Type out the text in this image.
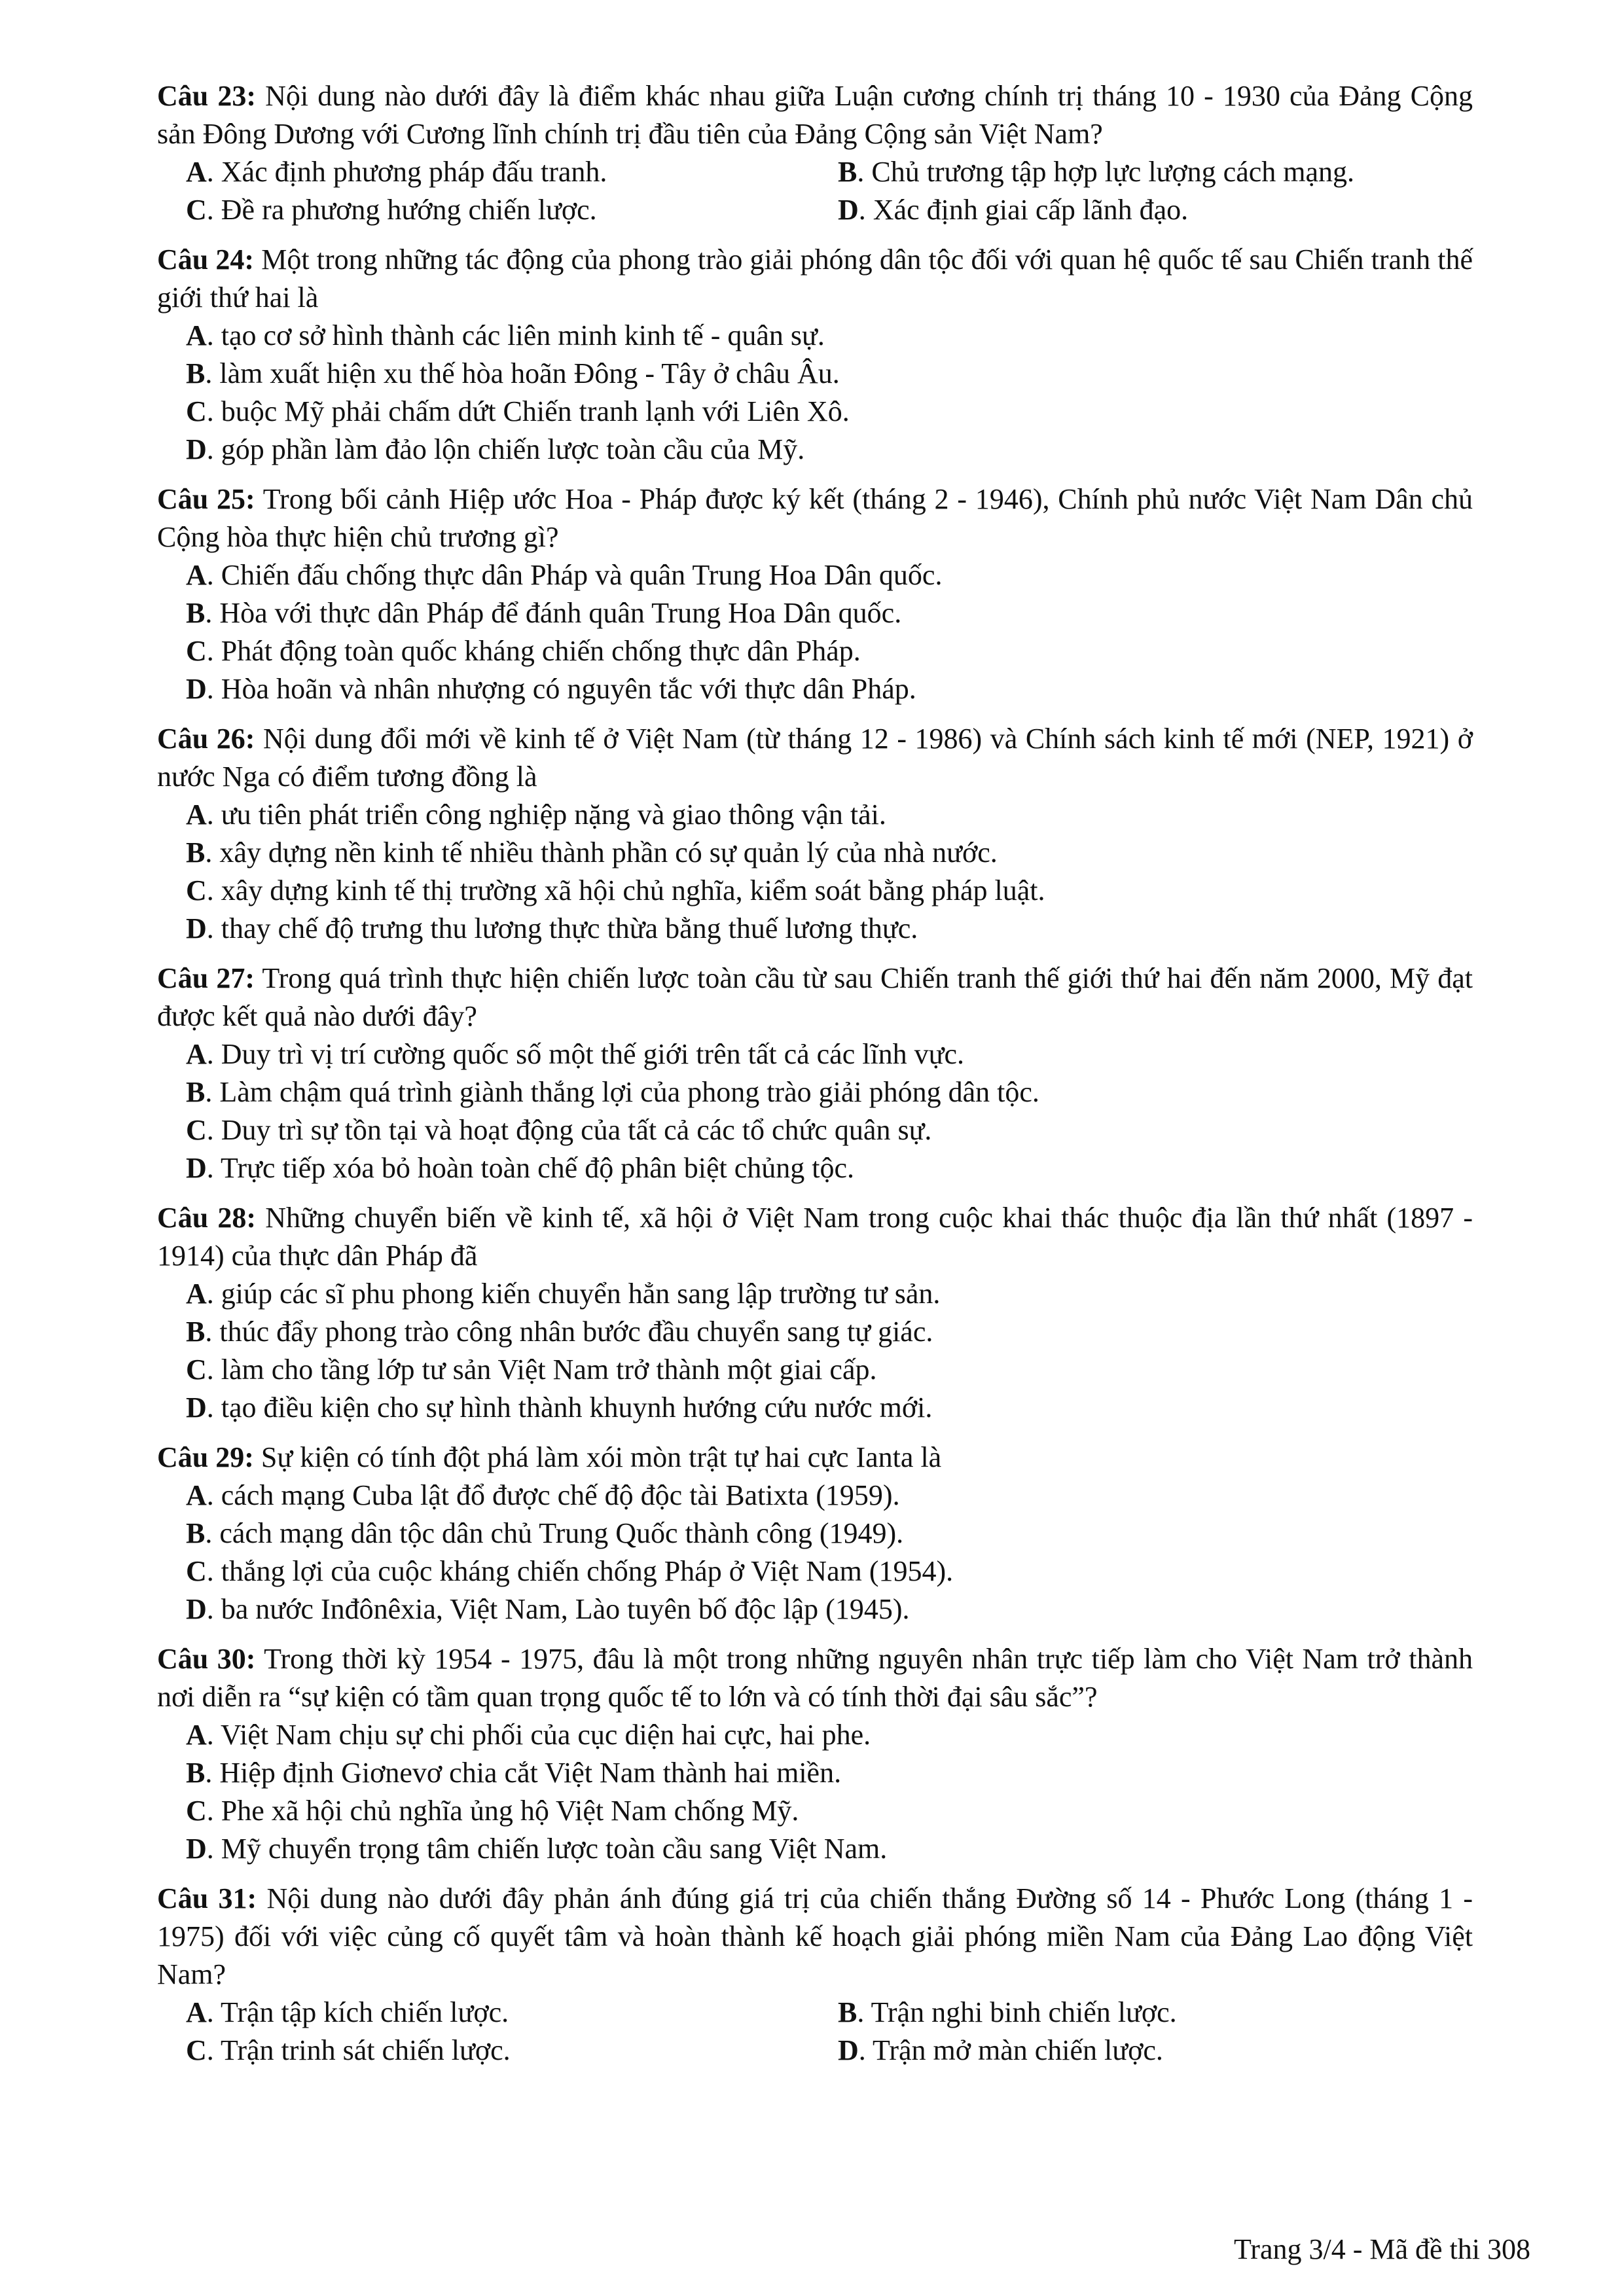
Câu 23: Nội dung nào dưới đây là điểm khác nhau giữa Luận cương chính trị tháng 10 - 1930 của Đảng Cộng sản Đông Dương với Cương lĩnh chính trị đầu tiên của Đảng Cộng sản Việt Nam?

A. Xác định phương pháp đấu tranh.	B. Chủ trương tập hợp lực lượng cách mạng.
C. Đề ra phương hướng chiến lược.	D. Xác định giai cấp lãnh đạo.

Câu 24: Một trong những tác động của phong trào giải phóng dân tộc đối với quan hệ quốc tế sau Chiến tranh thế giới thứ hai là

A. tạo cơ sở hình thành các liên minh kinh tế - quân sự.
B. làm xuất hiện xu thế hòa hoãn Đông - Tây ở châu Âu.
C. buộc Mỹ phải chấm dứt Chiến tranh lạnh với Liên Xô.
D. góp phần làm đảo lộn chiến lược toàn cầu của Mỹ.

Câu 25: Trong bối cảnh Hiệp ước Hoa - Pháp được ký kết (tháng 2 - 1946), Chính phủ nước Việt Nam Dân chủ Cộng hòa thực hiện chủ trương gì?

A. Chiến đấu chống thực dân Pháp và quân Trung Hoa Dân quốc.
B. Hòa với thực dân Pháp để đánh quân Trung Hoa Dân quốc.
C. Phát động toàn quốc kháng chiến chống thực dân Pháp.
D. Hòa hoãn và nhân nhượng có nguyên tắc với thực dân Pháp.

Câu 26: Nội dung đổi mới về kinh tế ở Việt Nam (từ tháng 12 - 1986) và Chính sách kinh tế mới (NEP, 1921) ở nước Nga có điểm tương đồng là

A. ưu tiên phát triển công nghiệp nặng và giao thông vận tải.
B. xây dựng nền kinh tế nhiều thành phần có sự quản lý của nhà nước.
C. xây dựng kinh tế thị trường xã hội chủ nghĩa, kiểm soát bằng pháp luật.
D. thay chế độ trưng thu lương thực thừa bằng thuế lương thực.

Câu 27: Trong quá trình thực hiện chiến lược toàn cầu từ sau Chiến tranh thế giới thứ hai đến năm 2000, Mỹ đạt được kết quả nào dưới đây?

A. Duy trì vị trí cường quốc số một thế giới trên tất cả các lĩnh vực.
B. Làm chậm quá trình giành thắng lợi của phong trào giải phóng dân tộc.
C. Duy trì sự tồn tại và hoạt động của tất cả các tổ chức quân sự.
D. Trực tiếp xóa bỏ hoàn toàn chế độ phân biệt chủng tộc.

Câu 28: Những chuyển biến về kinh tế, xã hội ở Việt Nam trong cuộc khai thác thuộc địa lần thứ nhất (1897 - 1914) của thực dân Pháp đã

A. giúp các sĩ phu phong kiến chuyển hẳn sang lập trường tư sản.
B. thúc đẩy phong trào công nhân bước đầu chuyển sang tự giác.
C. làm cho tầng lớp tư sản Việt Nam trở thành một giai cấp.
D. tạo điều kiện cho sự hình thành khuynh hướng cứu nước mới.

Câu 29: Sự kiện có tính đột phá làm xói mòn trật tự hai cực Ianta là

A. cách mạng Cuba lật đổ được chế độ độc tài Batixta (1959).
B. cách mạng dân tộc dân chủ Trung Quốc thành công (1949).
C. thắng lợi của cuộc kháng chiến chống Pháp ở Việt Nam (1954).
D. ba nước Inđônêxia, Việt Nam, Lào tuyên bố độc lập (1945).

Câu 30: Trong thời kỳ 1954 - 1975, đâu là một trong những nguyên nhân trực tiếp làm cho Việt Nam trở thành nơi diễn ra “sự kiện có tầm quan trọng quốc tế to lớn và có tính thời đại sâu sắc”?

A. Việt Nam chịu sự chi phối của cục diện hai cực, hai phe.
B. Hiệp định Giơnevơ chia cắt Việt Nam thành hai miền.
C. Phe xã hội chủ nghĩa ủng hộ Việt Nam chống Mỹ.
D. Mỹ chuyển trọng tâm chiến lược toàn cầu sang Việt Nam.

Câu 31: Nội dung nào dưới đây phản ánh đúng giá trị của chiến thắng Đường số 14 - Phước Long (tháng 1 - 1975) đối với việc củng cố quyết tâm và hoàn thành kế hoạch giải phóng miền Nam của Đảng Lao động Việt Nam?

A. Trận tập kích chiến lược.	B. Trận nghi binh chiến lược.
C. Trận trinh sát chiến lược.	D. Trận mở màn chiến lược.
Trang 3/4 - Mã đề thi 308
